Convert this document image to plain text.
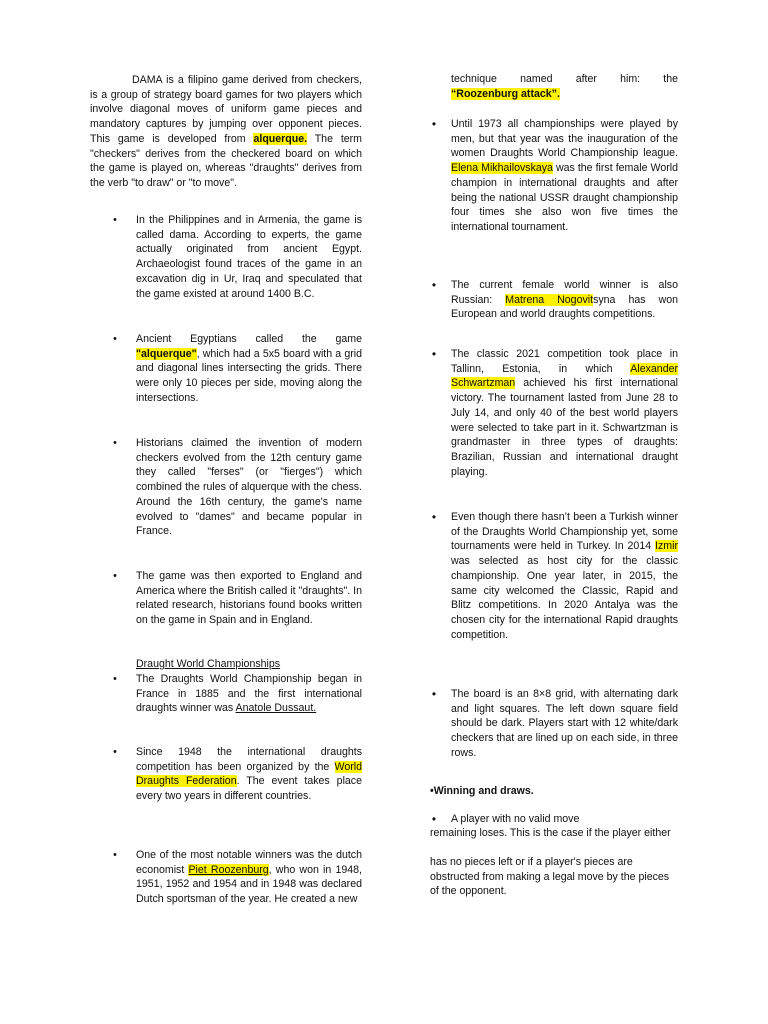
DAMA is a filipino game derived from checkers, is a group of strategy board games for two players which involve diagonal moves of uniform game pieces and mandatory captures by jumping over opponent pieces. This game is developed from alquerque. The term "checkers" derives from the checkered board on which the game is played on, whereas "draughts" derives from the verb "to draw" or "to move".

• In the Philippines and in Armenia, the game is called dama. According to experts, the game actually originated from ancient Egypt. Archaeologist found traces of the game in an excavation dig in Ur, Iraq and speculated that the game existed at around 1400 B.C.
• Ancient Egyptians called the game "alquerque", which had a 5x5 board with a grid and diagonal lines intersecting the grids. There were only 10 pieces per side, moving along the intersections.
• Historians claimed the invention of modern checkers evolved from the 12th century game they called "ferses" (or "fierges") which combined the rules of alquerque with the chess. Around the 16th century, the game's name evolved to "dames" and became popular in France.
• The game was then exported to England and America where the British called it "draughts". In related research, historians found books written on the game in Spain and in England.
Draught World Championships
• The Draughts World Championship began in France in 1885 and the first international draughts winner was Anatole Dussaut.
• Since 1948 the international draughts competition has been organized by the World Draughts Federation. The event takes place every two years in different countries.
• One of the most notable winners was the dutch economist Piet Roozenburg, who won in 1948, 1951, 1952 and 1954 and in 1948 was declared Dutch sportsman of the year. He created a new
technique named after him: the
“Roozenburg attack”.
• Until 1973 all championships were played by men, but that year was the inauguration of the women Draughts World Championship league. Elena Mikhailovskaya was the first female World champion in international draughts and after being the national USSR draught championship four times she also won five times the international tournament.
• The current female world winner is also Russian: Matrena Nogovitsyna has won European and world draughts competitions.
• The classic 2021 competition took place in Tallinn, Estonia, in which Alexander Schwartzman achieved his first international victory. The tournament lasted from June 28 to July 14, and only 40 of the best world players were selected to take part in it. Schwartzman is grandmaster in three types of draughts: Brazilian, Russian and international draught playing.
• Even though there hasn’t been a Turkish winner of the Draughts World Championship yet, some tournaments were held in Turkey. In 2014 Izmir was selected as host city for the classic championship. One year later, in 2015, the same city welcomed the Classic, Rapid and Blitz competitions. In 2020 Antalya was the chosen city for the international Rapid draughts competition.
• The board is an 8×8 grid, with alternating dark and light squares. The left down square field should be dark. Players start with 12 white/dark checkers that are lined up on each side, in three rows.
•Winning and draws.
• A player with no valid move
remaining loses. This is the case if the player either
has no pieces left or if a player's pieces are obstructed from making a legal move by the pieces of the opponent.
